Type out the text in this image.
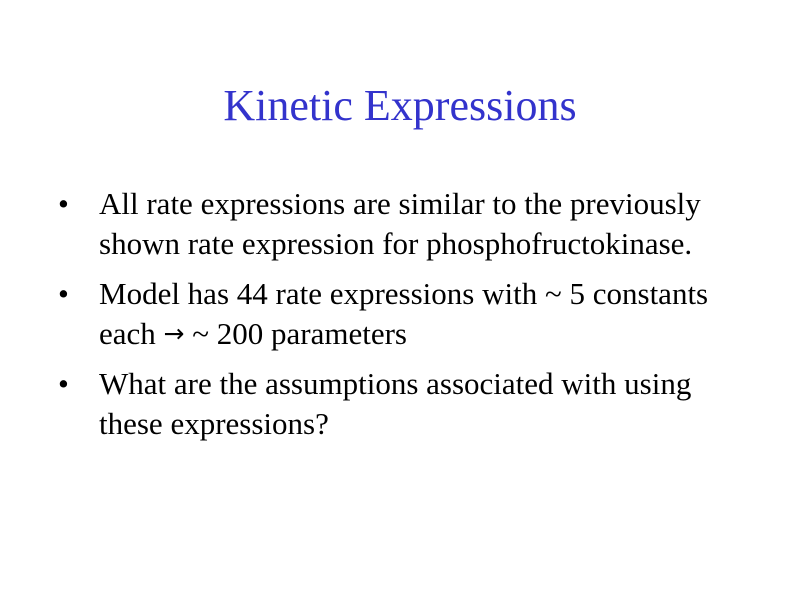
Kinetic Expressions
• All rate expressions are similar to the previously shown rate expression for phosphofructokinase.
• Model has 44 rate expressions with ~ 5 constants each → ~ 200 parameters
• What are the assumptions associated with using these expressions?
